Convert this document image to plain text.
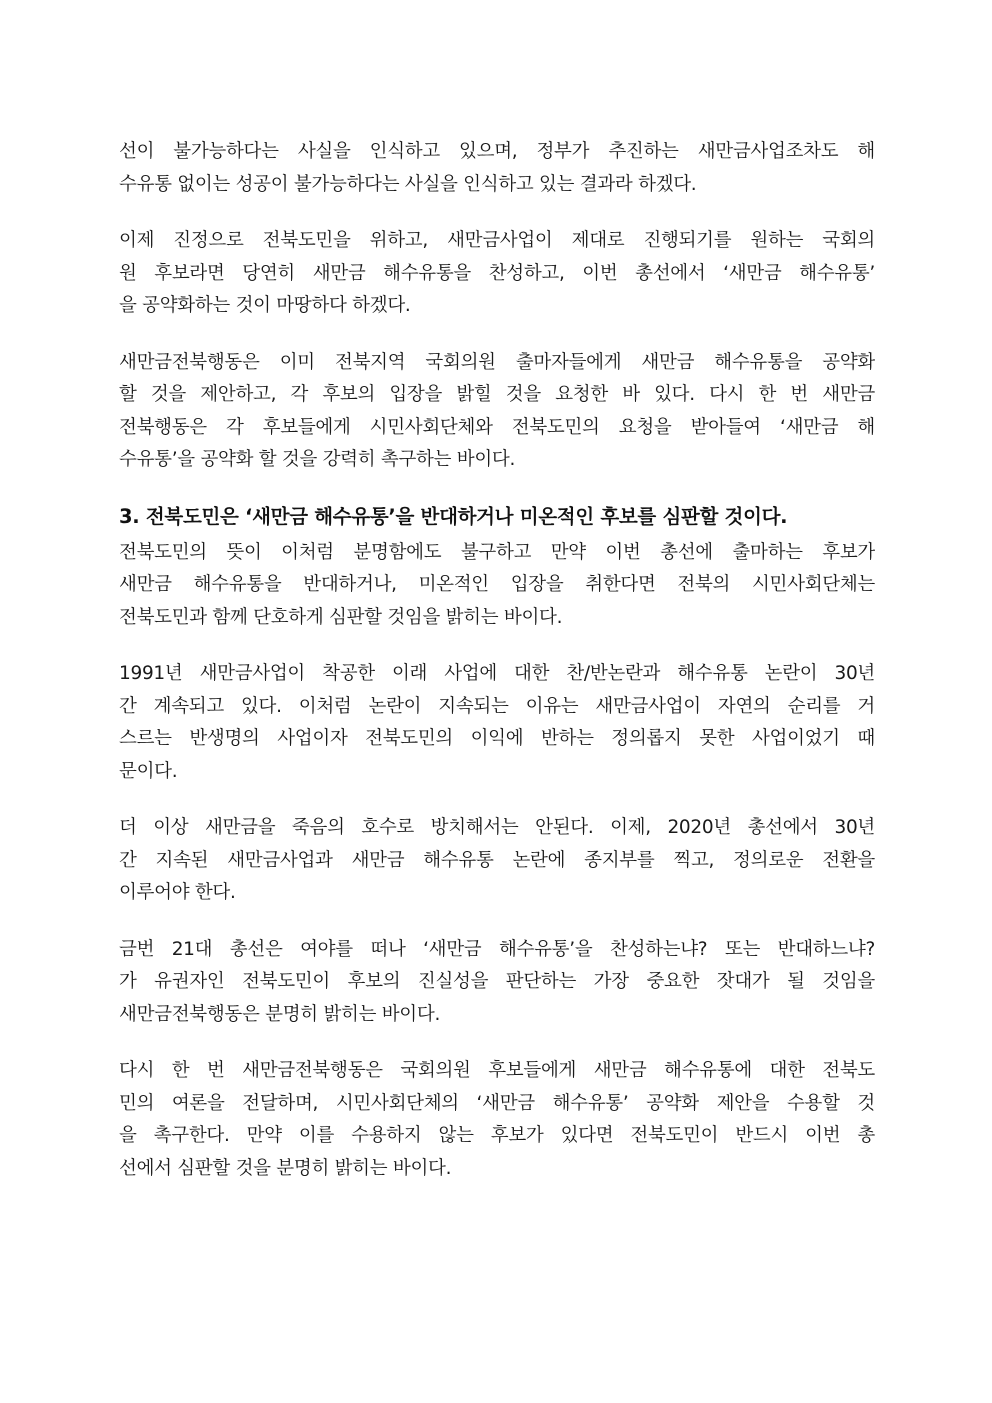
선이 불가능하다는 사실을 인식하고 있으며, 정부가 추진하는 새만금사업조차도 해
수유통 없이는 성공이 불가능하다는 사실을 인식하고 있는 결과라 하겠다.
이제 진정으로 전북도민을 위하고, 새만금사업이 제대로 진행되기를 원하는 국회의
원 후보라면 당연히 새만금 해수유통을 찬성하고, 이번 총선에서 ‘새만금 해수유통’
을 공약화하는 것이 마땅하다 하겠다.
새만금전북행동은 이미 전북지역 국회의원 출마자들에게 새만금 해수유통을 공약화
할 것을 제안하고, 각 후보의 입장을 밝힐 것을 요청한 바 있다. 다시 한 번 새만금
전북행동은 각 후보들에게 시민사회단체와 전북도민의 요청을 받아들여 ‘새만금 해
수유통’을 공약화 할 것을 강력히 촉구하는 바이다.
3. 전북도민은 ‘새만금 해수유통’을 반대하거나 미온적인 후보를 심판할 것이다.
전북도민의 뜻이 이처럼 분명함에도 불구하고 만약 이번 총선에 출마하는 후보가
새만금 해수유통을 반대하거나, 미온적인 입장을 취한다면 전북의 시민사회단체는
전북도민과 함께 단호하게 심판할 것임을 밝히는 바이다.
1991년 새만금사업이 착공한 이래 사업에 대한 찬/반논란과 해수유통 논란이 30년
간 계속되고 있다. 이처럼 논란이 지속되는 이유는 새만금사업이 자연의 순리를 거
스르는 반생명의 사업이자 전북도민의 이익에 반하는 정의롭지 못한 사업이었기 때
문이다.
더 이상 새만금을 죽음의 호수로 방치해서는 안된다. 이제, 2020년 총선에서 30년
간 지속된 새만금사업과 새만금 해수유통 논란에 종지부를 찍고, 정의로운 전환을
이루어야 한다.
금번 21대 총선은 여야를 떠나 ‘새만금 해수유통’을 찬성하는냐? 또는 반대하느냐?
가 유권자인 전북도민이 후보의 진실성을 판단하는 가장 중요한 잣대가 될 것임을
새만금전북행동은 분명히 밝히는 바이다.
다시 한 번 새만금전북행동은 국회의원 후보들에게 새만금 해수유통에 대한 전북도
민의 여론을 전달하며, 시민사회단체의 ‘새만금 해수유통’ 공약화 제안을 수용할 것
을 촉구한다. 만약 이를 수용하지 않는 후보가 있다면 전북도민이 반드시 이번 총
선에서 심판할 것을 분명히 밝히는 바이다.
